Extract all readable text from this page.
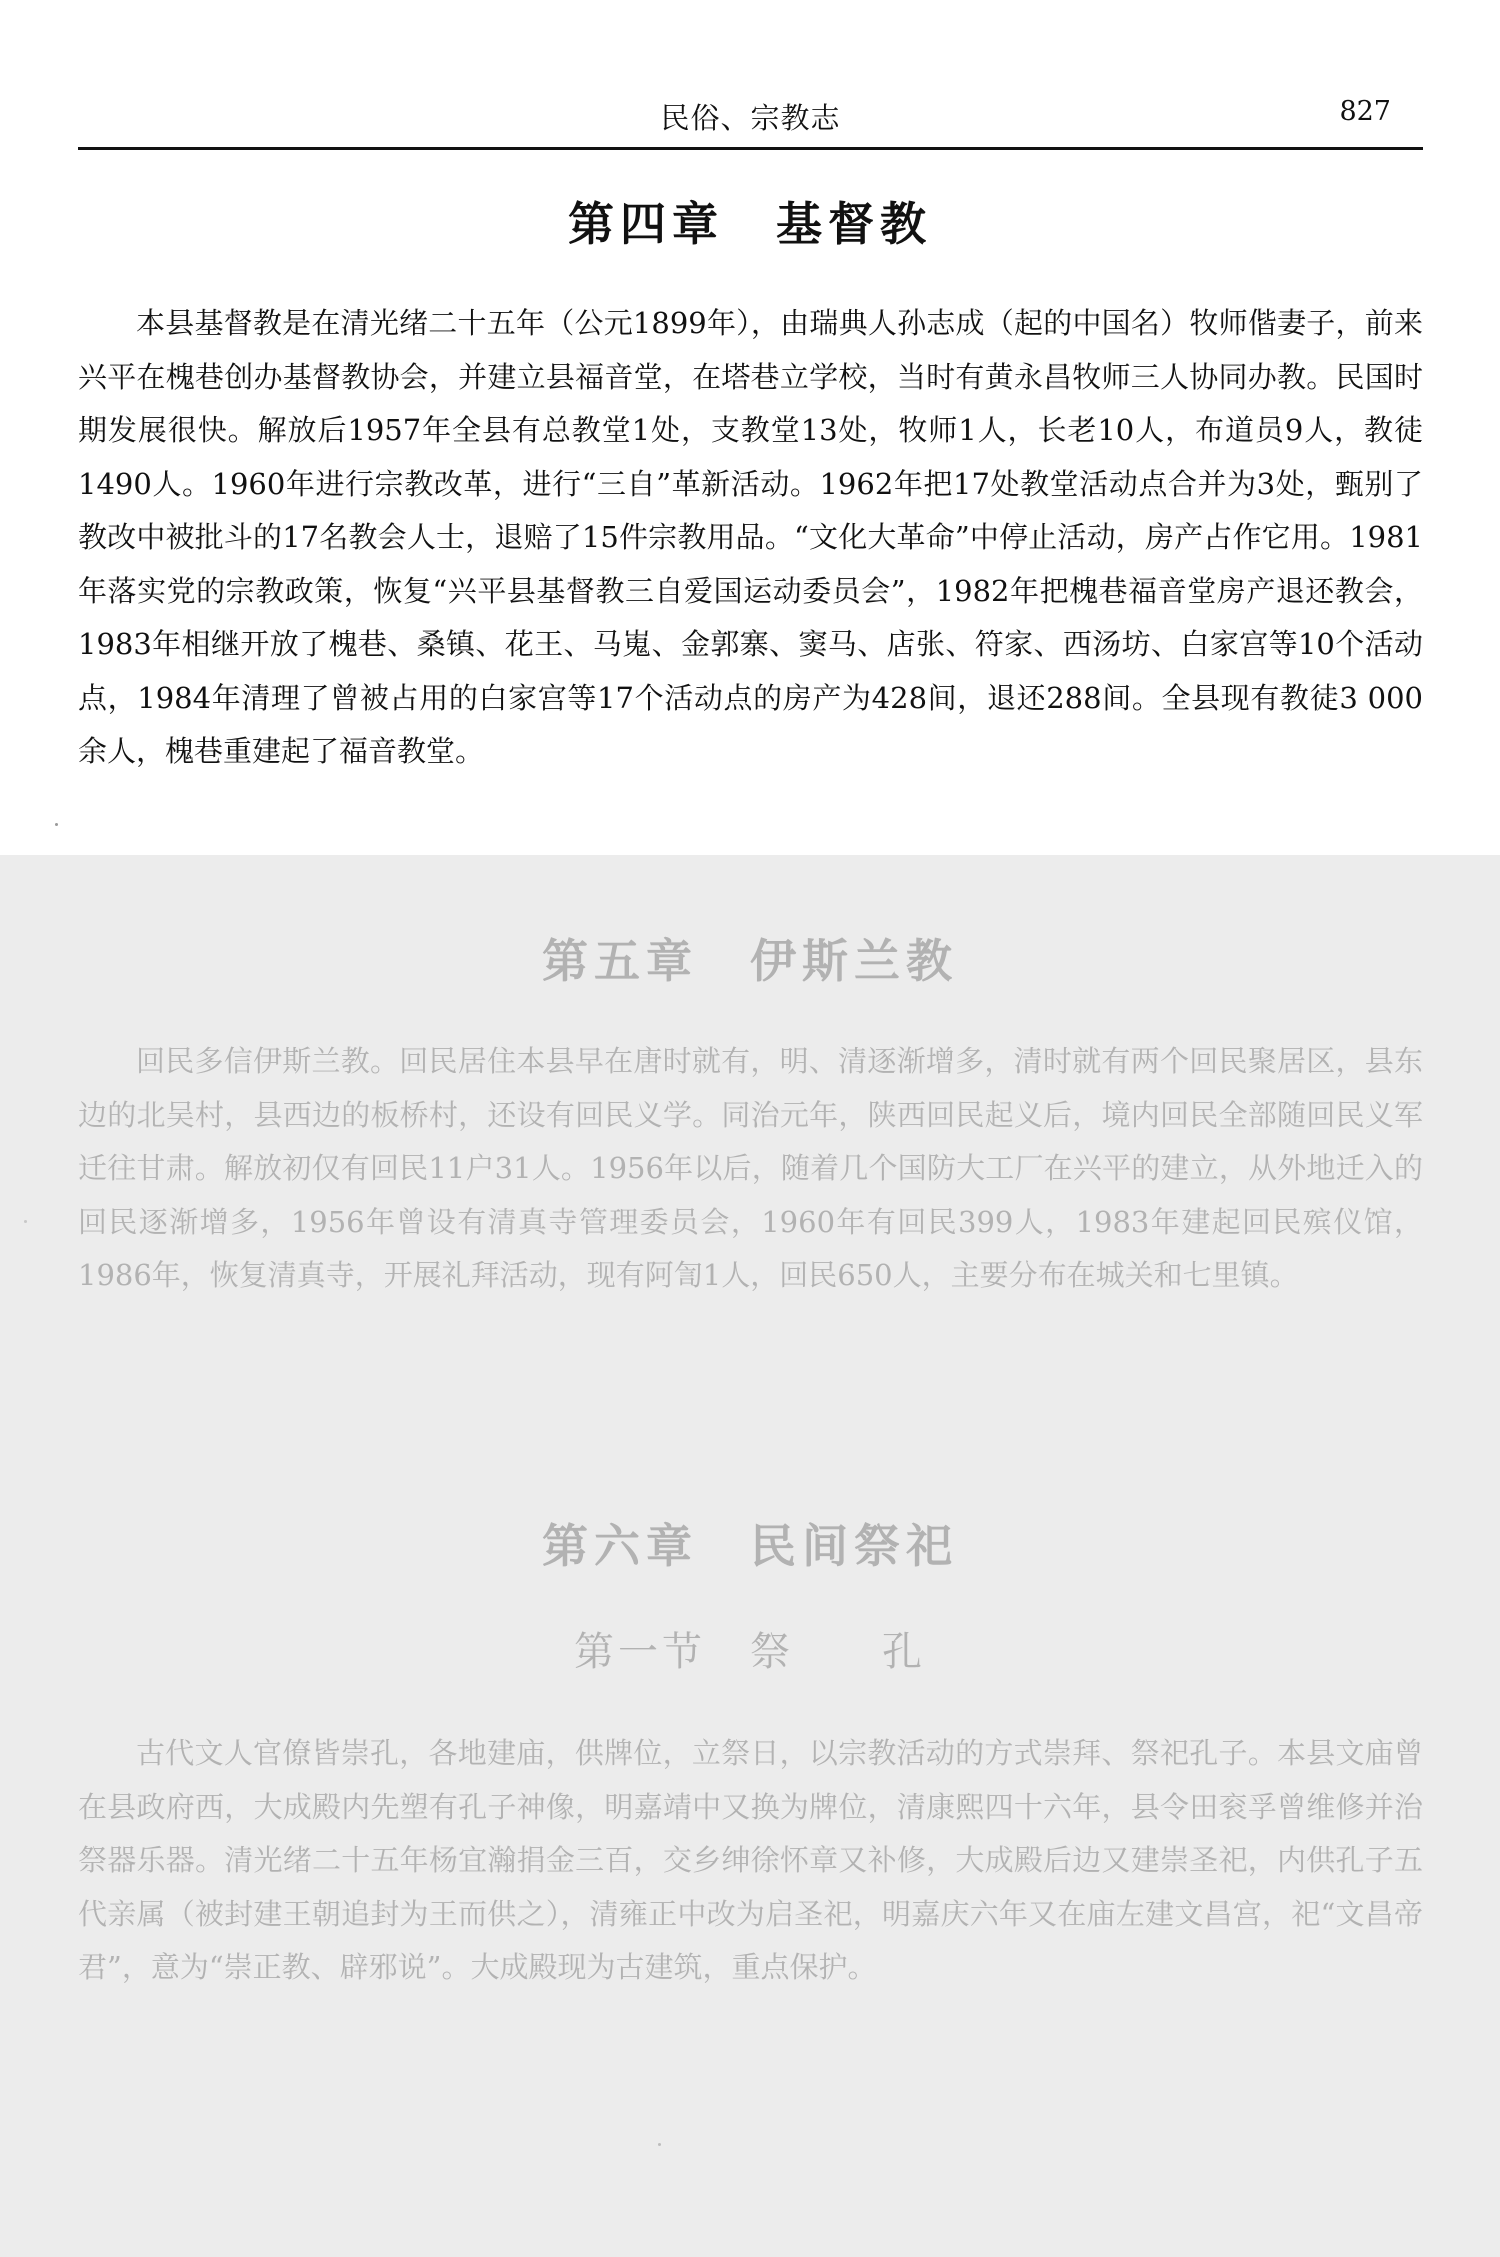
民俗、宗教志	827
第四章　基督教

本县基督教是在清光绪二十五年（公元1899年），由瑞典人孙志成（起的中国名）牧师偕妻子，前来兴平在槐巷创办基督教协会，并建立县福音堂，在塔巷立学校，当时有黄永昌牧师三人协同办教。民国时期发展很快。解放后1957年全县有总教堂1处，支教堂13处，牧师1人，长老10人，布道员9人，教徒1490人。1960年进行宗教改革，进行“三自”革新活动。1962年把17处教堂活动点合并为3处，甄别了教改中被批斗的17名教会人士，退赔了15件宗教用品。“文化大革命”中停止活动，房产占作它用。1981年落实党的宗教政策，恢复“兴平县基督教三自爱国运动委员会”，1982年把槐巷福音堂房产退还教会，1983年相继开放了槐巷、桑镇、花王、马嵬、金郭寨、窦马、店张、符家、西汤坊、白家宫等10个活动点，1984年清理了曾被占用的白家宫等17个活动点的房产为428间，退还288间。全县现有教徒3 000余人，槐巷重建起了福音教堂。

第五章　伊斯兰教

回民多信伊斯兰教。回民居住本县早在唐时就有，明、清逐渐增多，清时就有两个回民聚居区，县东边的北吴村，县西边的板桥村，还设有回民义学。同治元年，陕西回民起义后，境内回民全部随回民义军迁往甘肃。解放初仅有回民11户31人。1956年以后，随着几个国防大工厂在兴平的建立，从外地迁入的回民逐渐增多，1956年曾设有清真寺管理委员会，1960年有回民399人，1983年建起回民殡仪馆，1986年，恢复清真寺，开展礼拜活动，现有阿訇1人，回民650人，主要分布在城关和七里镇。

第六章　民间祭祀
第一节　祭　　孔

古代文人官僚皆崇孔，各地建庙，供牌位，立祭日，以宗教活动的方式崇拜、祭祀孔子。本县文庙曾在县政府西，大成殿内先塑有孔子神像，明嘉靖中又换为牌位，清康熙四十六年，县令田衮孚曾维修并治祭器乐器。清光绪二十五年杨宜瀚捐金三百，交乡绅徐怀章又补修，大成殿后边又建崇圣祀，内供孔子五代亲属（被封建王朝追封为王而供之），清雍正中改为启圣祀，明嘉庆六年又在庙左建文昌宫，祀“文昌帝君”，意为“崇正教、辟邪说”。大成殿现为古建筑，重点保护。
